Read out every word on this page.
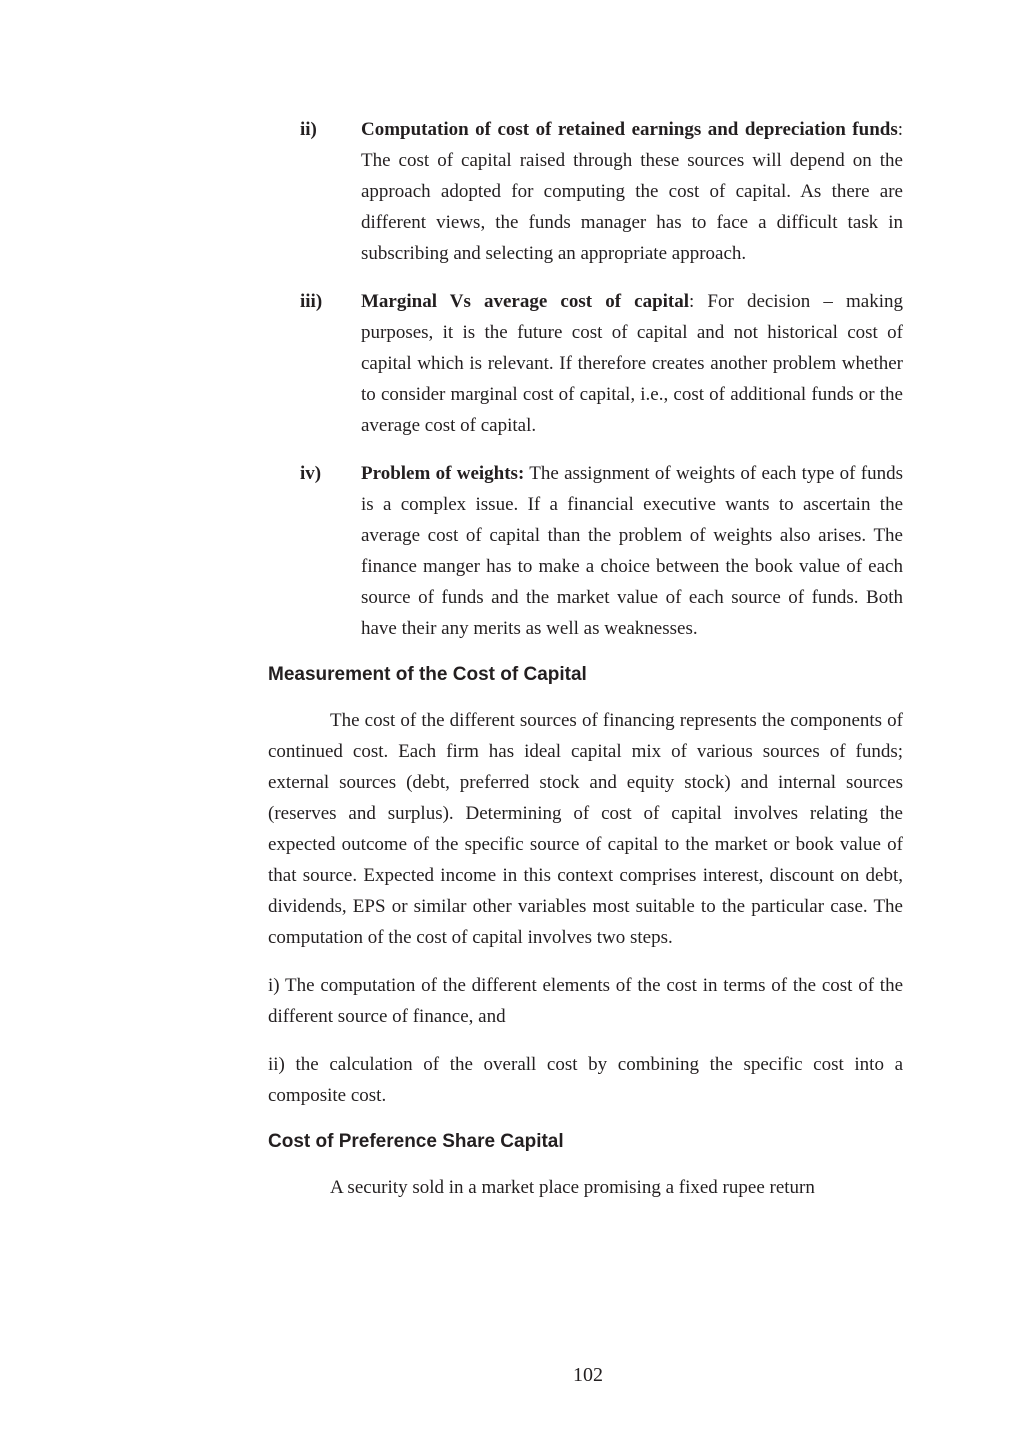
ii)	Computation of cost of retained earnings and depreciation funds: The cost of capital raised through these sources will depend on the approach adopted for computing the cost of capital. As there are different views, the funds manager has to face a difficult task in subscribing and selecting an appropriate approach.
iii)	Marginal Vs average cost of capital: For decision – making purposes, it is the future cost of capital and not historical cost of capital which is relevant. If therefore creates another problem whether to consider marginal cost of capital, i.e., cost of additional funds or the average cost of capital.
iv)	Problem of weights: The assignment of weights of each type of funds is a complex issue. If a financial executive wants to ascertain the average cost of capital than the problem of weights also arises. The finance manger has to make a choice between the book value of each source of funds and the market value of each source of funds. Both have their any merits as well as weaknesses.
Measurement of the Cost of Capital

The cost of the different sources of financing represents the components of continued cost. Each firm has ideal capital mix of various sources of funds; external sources (debt, preferred stock and equity stock) and internal sources (reserves and surplus). Determining of cost of capital involves relating the expected outcome of the specific source of capital to the market or book value of that source. Expected income in this context comprises interest, discount on debt, dividends, EPS or similar other variables most suitable to the particular case. The computation of the cost of capital involves two steps.

i) The computation of the different elements of the cost in terms of the cost of the different source of finance, and

ii) the calculation of the overall cost by combining the specific cost into a composite cost.

Cost of Preference Share Capital

A security sold in a market place promising a fixed rupee return

102
